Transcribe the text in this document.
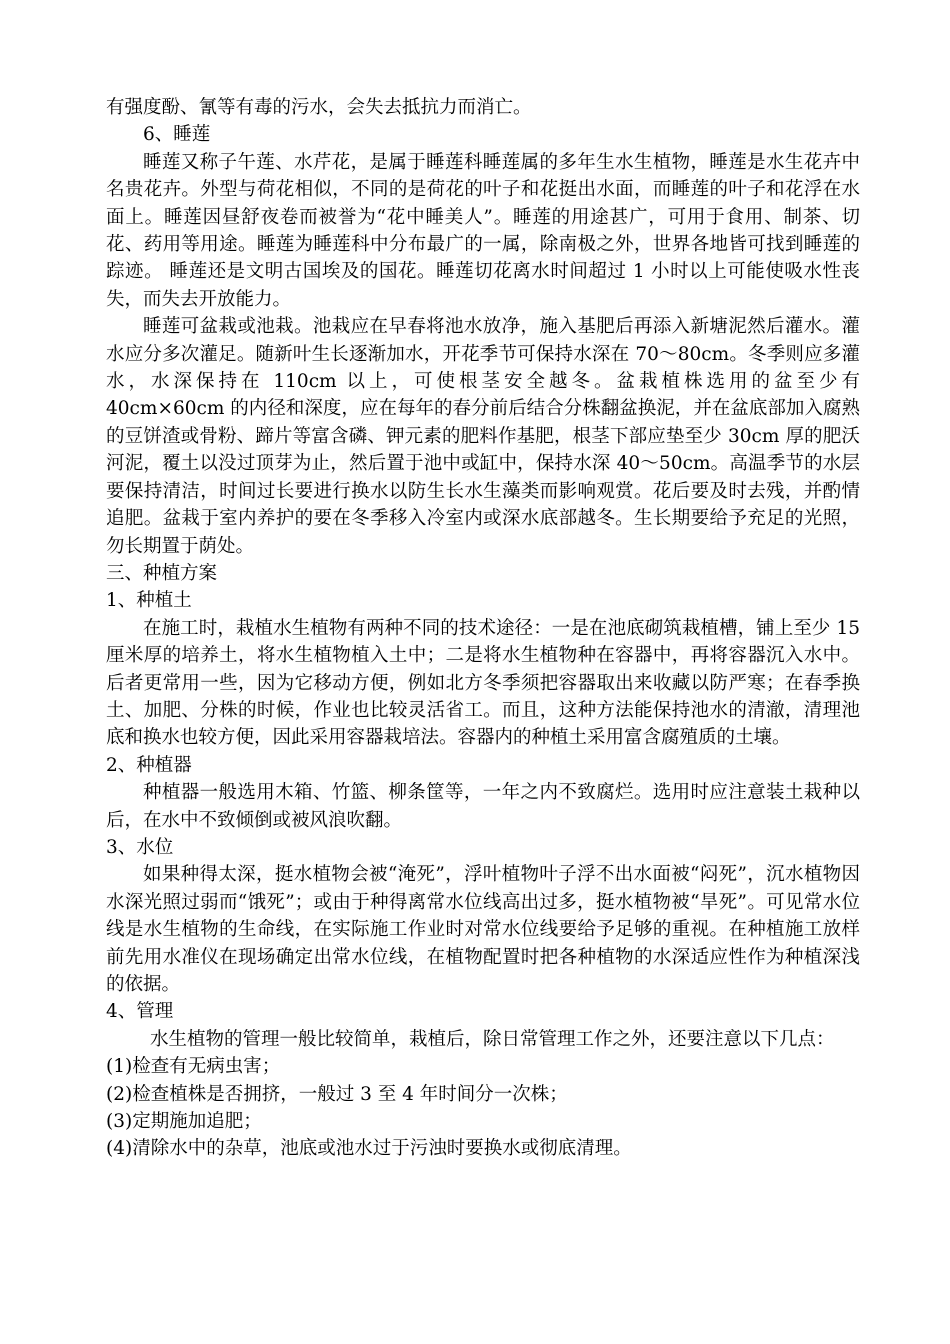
有强度酚、氰等有毒的污水，会失去抵抗力而消亡。

6、睡莲

睡莲又称子午莲、水芹花，是属于睡莲科睡莲属的多年生水生植物，睡莲是水生花卉中名贵花卉。外型与荷花相似，不同的是荷花的叶子和花挺出水面，而睡莲的叶子和花浮在水面上。睡莲因昼舒夜卷而被誉为“花中睡美人”。睡莲的用途甚广，可用于食用、制茶、切花、药用等用途。睡莲为睡莲科中分布最广的一属，除南极之外，世界各地皆可找到睡莲的踪迹。 睡莲还是文明古国埃及的国花。睡莲切花离水时间超过 1 小时以上可能使吸水性丧失，而失去开放能力。

睡莲可盆栽或池栽。池栽应在早春将池水放净，施入基肥后再添入新塘泥然后灌水。灌水应分多次灌足。随新叶生长逐渐加水，开花季节可保持水深在 70～80cm。冬季则应多灌水，水深保持在 110cm 以上，可使根茎安全越冬。盆栽植株选用的盆至少有 40cm×60cm 的内径和深度，应在每年的春分前后结合分株翻盆换泥，并在盆底部加入腐熟的豆饼渣或骨粉、蹄片等富含磷、钾元素的肥料作基肥，根茎下部应垫至少 30cm 厚的肥沃河泥，覆土以没过顶芽为止，然后置于池中或缸中，保持水深 40～50cm。高温季节的水层要保持清洁，时间过长要进行换水以防生长水生藻类而影响观赏。花后要及时去残，并酌情追肥。盆栽于室内养护的要在冬季移入冷室内或深水底部越冬。生长期要给予充足的光照，勿长期置于荫处。

三、种植方案

1、种植土

在施工时，栽植水生植物有两种不同的技术途径：一是在池底砌筑栽植槽，铺上至少 15 厘米厚的培养土，将水生植物植入土中；二是将水生植物种在容器中，再将容器沉入水中。后者更常用一些，因为它移动方便，例如北方冬季须把容器取出来收藏以防严寒；在春季换土、加肥、分株的时候，作业也比较灵活省工。而且，这种方法能保持池水的清澈，清理池底和换水也较方便，因此采用容器栽培法。容器内的种植土采用富含腐殖质的土壤。

2、种植器

种植器一般选用木箱、竹篮、柳条筐等，一年之内不致腐烂。选用时应注意装土栽种以后，在水中不致倾倒或被风浪吹翻。

3、水位

如果种得太深，挺水植物会被“淹死”，浮叶植物叶子浮不出水面被“闷死”，沉水植物因水深光照过弱而“饿死”；或由于种得离常水位线高出过多，挺水植物被“旱死”。可见常水位线是水生植物的生命线，在实际施工作业时对常水位线要给予足够的重视。在种植施工放样前先用水准仪在现场确定出常水位线，在植物配置时把各种植物的水深适应性作为种植深浅的依据。

4、管理

水生植物的管理一般比较简单，栽植后，除日常管理工作之外，还要注意以下几点：

(1)检查有无病虫害；

(2)检查植株是否拥挤，一般过 3 至 4 年时间分一次株；

(3)定期施加追肥；

(4)清除水中的杂草，池底或池水过于污浊时要换水或彻底清理。
